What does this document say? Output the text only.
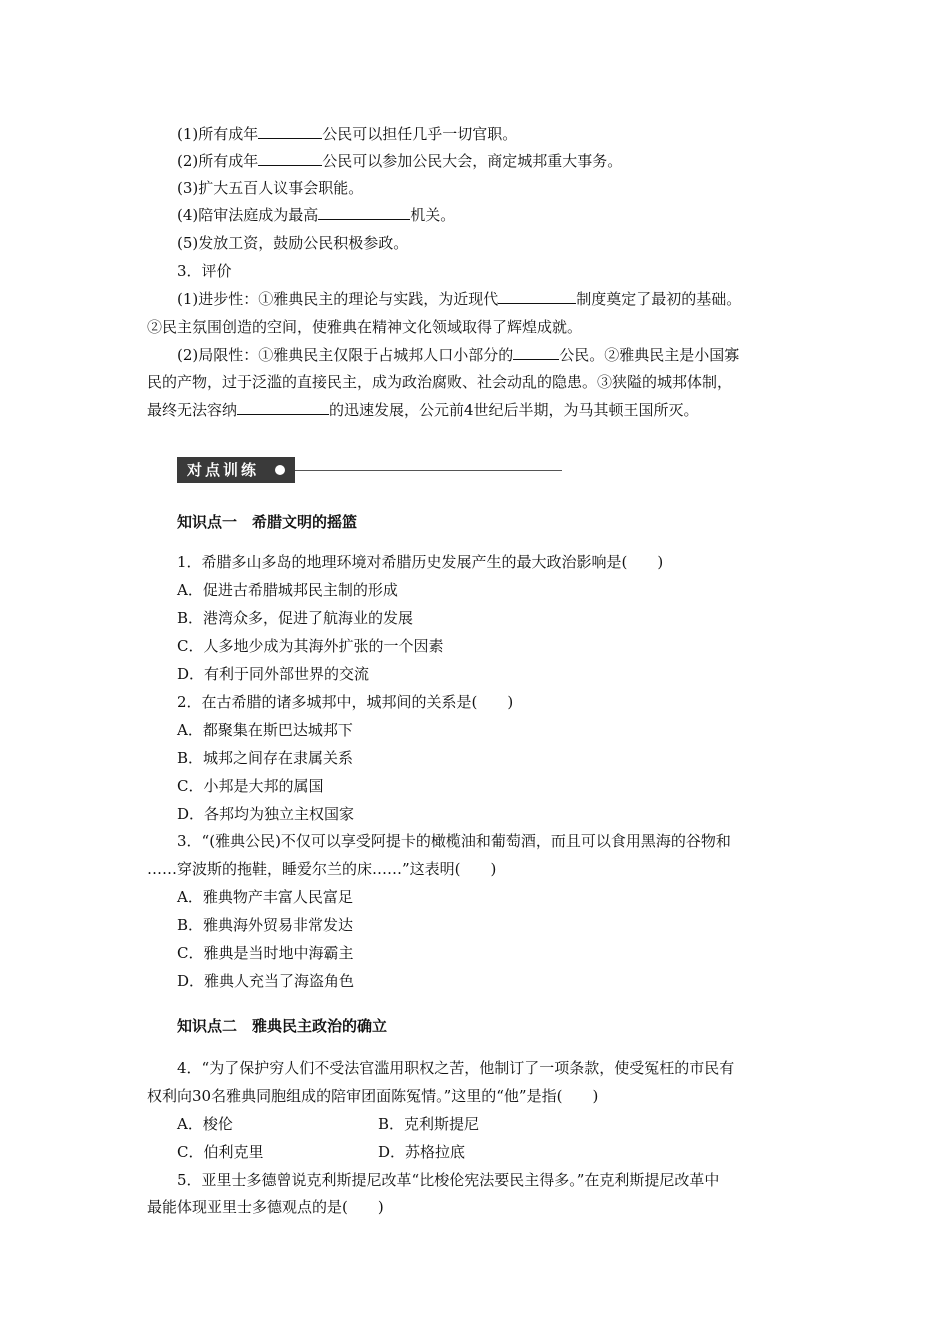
(1)所有成年	公民可以担任几乎一切官职。
(2)所有成年	公民可以参加公民大会，商定城邦重大事务。
(3)扩大五百人议事会职能。
(4)陪审法庭成为最高	机关。
(5)发放工资，鼓励公民积极参政。
3．评价
(1)进步性：①雅典民主的理论与实践，为近现代	制度奠定了最初的基础。
②民主氛围创造的空间，使雅典在精神文化领域取得了辉煌成就。
(2)局限性：①雅典民主仅限于占城邦人口小部分的	公民。②雅典民主是小国寡
民的产物，过于泛滥的直接民主，成为政治腐败、社会动乱的隐患。③狭隘的城邦体制，
最终无法容纳	的迅速发展，公元前4世纪后半期，为马其顿王国所灭。
对点训练
知识点一　希腊文明的摇篮
1．希腊多山多岛的地理环境对希腊历史发展产生的最大政治影响是(　　)
A．促进古希腊城邦民主制的形成
B．港湾众多，促进了航海业的发展
C．人多地少成为其海外扩张的一个因素
D．有利于同外部世界的交流
2．在古希腊的诸多城邦中，城邦间的关系是(　　)
A．都聚集在斯巴达城邦下
B．城邦之间存在隶属关系
C．小邦是大邦的属国
D．各邦均为独立主权国家
3．“(雅典公民)不仅可以享受阿提卡的橄榄油和葡萄酒，而且可以食用黑海的谷物和
……穿波斯的拖鞋，睡爱尔兰的床……”这表明(　　)
A．雅典物产丰富人民富足
B．雅典海外贸易非常发达
C．雅典是当时地中海霸主
D．雅典人充当了海盗角色
知识点二　雅典民主政治的确立
4．“为了保护穷人们不受法官滥用职权之苦，他制订了一项条款，使受冤枉的市民有
权利向30名雅典同胞组成的陪审团面陈冤情。”这里的“他”是指(　　)
A．梭伦	B．克利斯提尼
C．伯利克里	D．苏格拉底
5．亚里士多德曾说克利斯提尼改革“比梭伦宪法要民主得多。”在克利斯提尼改革中
最能体现亚里士多德观点的是(　　)
